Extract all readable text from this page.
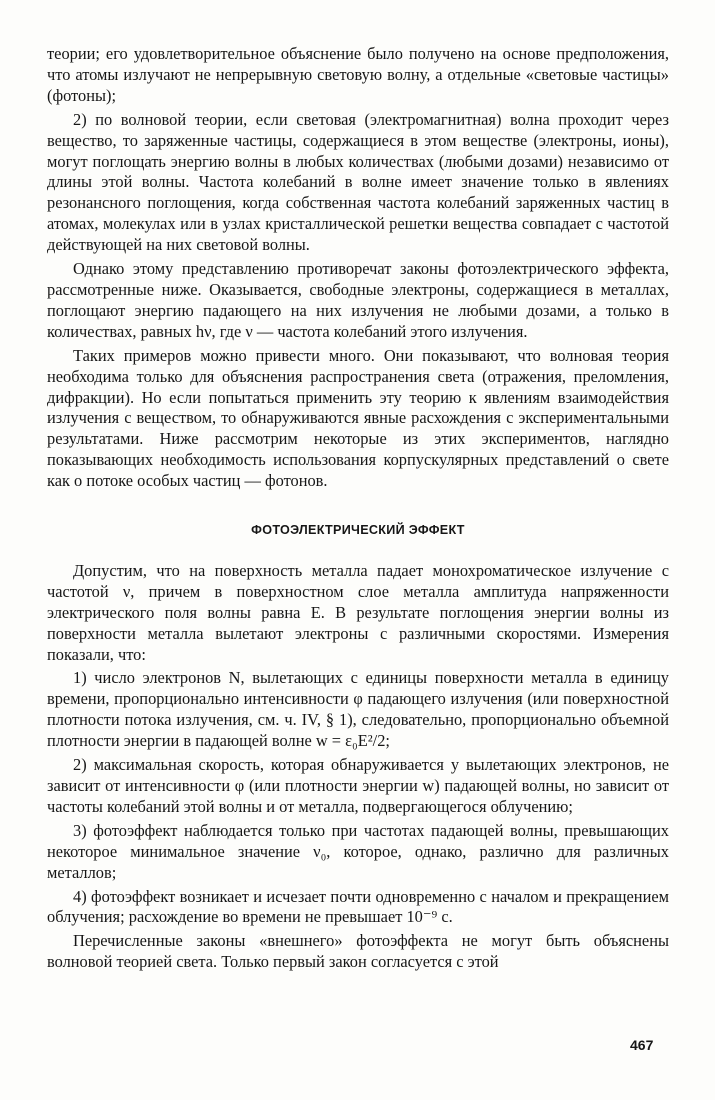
теории; его удовлетворительное объяснение было получено на основе предположения, что атомы излучают не непрерывную световую волну, а отдельные «световые частицы» (фотоны);

2) по волновой теории, если световая (электромагнитная) волна проходит через вещество, то заряженные частицы, содержащиеся в этом веществе (электроны, ионы), могут поглощать энергию волны в любых количествах (любыми дозами) независимо от длины этой волны. Частота колебаний в волне имеет значение только в явлениях резонансного поглощения, когда собственная частота колебаний заряженных частиц в атомах, молекулах или в узлах кристаллической решетки вещества совпадает с частотой действующей на них световой волны.

Однако этому представлению противоречат законы фотоэлектрического эффекта, рассмотренные ниже. Оказывается, свободные электроны, содержащиеся в металлах, поглощают энергию падающего на них излучения не любыми дозами, а только в количествах, равных hν, где ν — частота колебаний этого излучения.

Таких примеров можно привести много. Они показывают, что волновая теория необходима только для объяснения распространения света (отражения, преломления, дифракции). Но если попытаться применить эту теорию к явлениям взаимодействия излучения с веществом, то обнаруживаются явные расхождения с экспериментальными результатами. Ниже рассмотрим некоторые из этих экспериментов, наглядно показывающих необходимость использования корпускулярных представлений о свете как о потоке особых частиц — фотонов.

ФОТОЭЛЕКТРИЧЕСКИЙ ЭФФЕКТ

Допустим, что на поверхность металла падает монохроматическое излучение с частотой ν, причем в поверхностном слое металла амплитуда напряженности электрического поля волны равна E. В результате поглощения энергии волны из поверхности металла вылетают электроны с различными скоростями. Измерения показали, что:

1) число электронов N, вылетающих с единицы поверхности металла в единицу времени, пропорционально интенсивности φ падающего излучения (или поверхностной плотности потока излучения, см. ч. IV, § 1), следовательно, пропорционально объемной плотности энергии в падающей волне w = ε₀E²/2;

2) максимальная скорость, которая обнаруживается у вылетающих электронов, не зависит от интенсивности φ (или плотности энергии w) падающей волны, но зависит от частоты колебаний этой волны и от металла, подвергающегося облучению;

3) фотоэффект наблюдается только при частотах падающей волны, превышающих некоторое минимальное значение ν₀, которое, однако, различно для различных металлов;

4) фотоэффект возникает и исчезает почти одновременно с началом и прекращением облучения; расхождение во времени не превышает 10⁻⁹ с.

Перечисленные законы «внешнего» фотоэффекта не могут быть объяснены волновой теорией света. Только первый закон согласуется с этой

467
